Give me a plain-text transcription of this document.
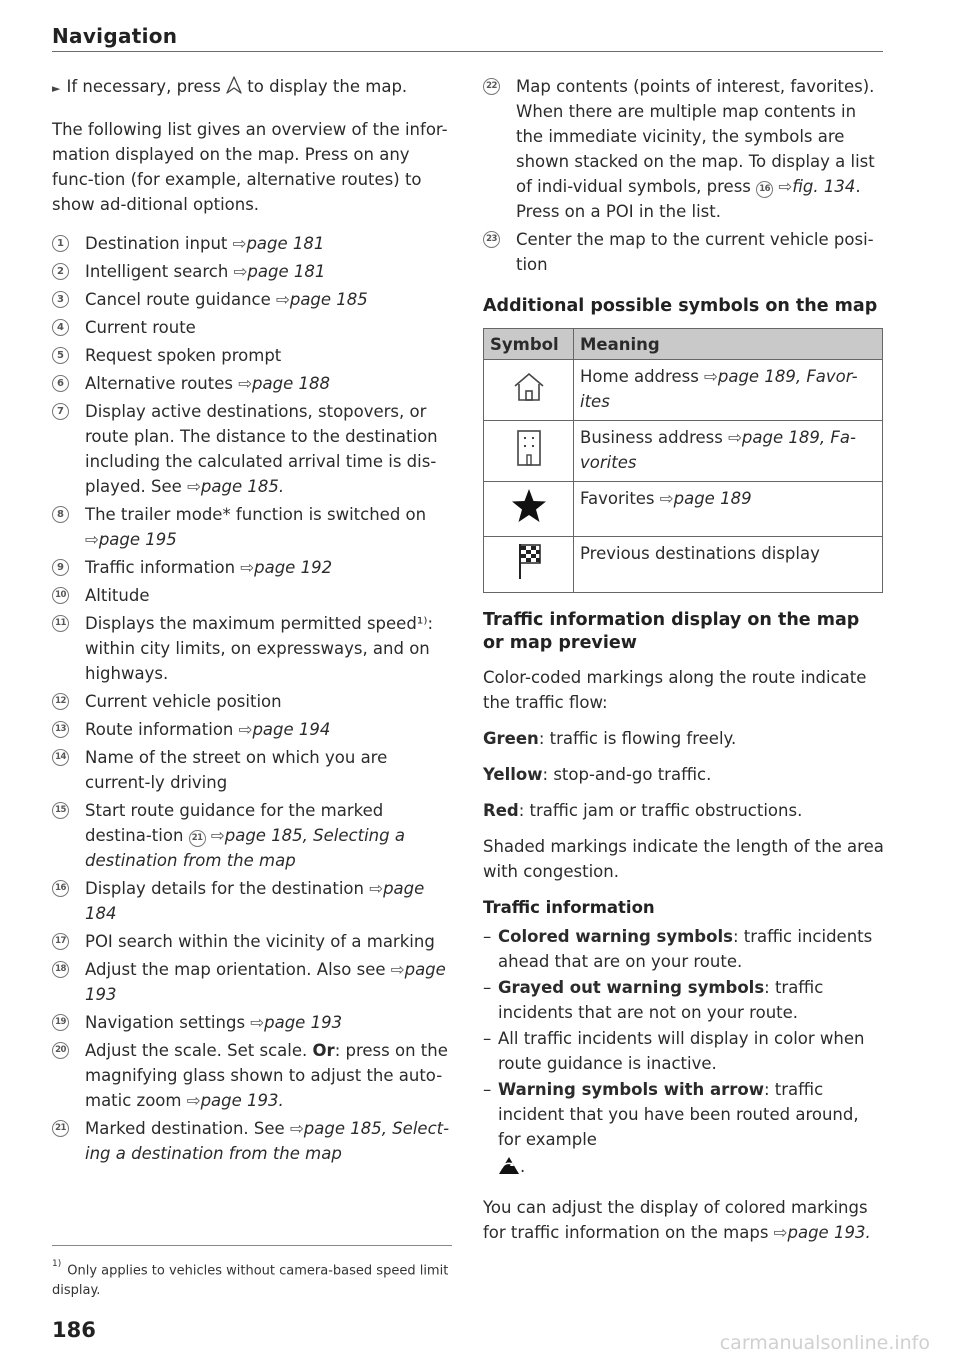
Navigation

► If necessary, press  to display the map.

The following list gives an overview of the infor-mation displayed on the map. Press on any func-tion (for example, alternative routes) to show ad-ditional options.

1	Destination input ⇨page 181
2	Intelligent search ⇨page 181
3	Cancel route guidance ⇨page 185
4	Current route
5	Request spoken prompt
6	Alternative routes ⇨page 188
7	Display active destinations, stopovers, or route plan. The distance to the destination including the calculated arrival time is dis-played. See ⇨page 185.
8	The trailer mode* function is switched on ⇨page 195
9	Traffic information ⇨page 192
10 Altitude
11 Displays the maximum permitted speed¹⁾: within city limits, on expressways, and on highways.
12 Current vehicle position
13 Route information ⇨page 194
14 Name of the street on which you are current-ly driving
15 Start route guidance for the marked destina-tion 21 ⇨page 185, Selecting a destination from the map
16 Display details for the destination ⇨page 184
17 POI search within the vicinity of a marking
18 Adjust the map orientation. Also see ⇨page 193
19 Navigation settings ⇨page 193
20 Adjust the scale. Set scale. Or: press on the magnifying glass shown to adjust the auto-matic zoom ⇨page 193.
21 Marked destination. See ⇨page 185, Select-ing a destination from the map
22 Map contents (points of interest, favorites). When there are multiple map contents in the immediate vicinity, the symbols are shown stacked on the map. To display a list of indi-vidual symbols, press 16 ⇨fig. 134. Press on a POI in the list.
23 Center the map to the current vehicle posi-tion
Additional possible symbols on the map
Symbol	Meaning
	Home address ⇨page 189, Favor-ites
	Business address ⇨page 189, Fa-vorites
	Favorites ⇨page 189
	Previous destinations display
Traffic information display on the map or map preview

Color-coded markings along the route indicate the traffic flow:

Green: traffic is flowing freely.

Yellow: stop-and-go traffic.

Red: traffic jam or traffic obstructions.

Shaded markings indicate the length of the area with congestion.

Traffic information
– Colored warning symbols: traffic incidents ahead that are on your route.
– Grayed out warning symbols: traffic incidents that are not on your route.
– All traffic incidents will display in color when route guidance is inactive.
– Warning symbols with arrow: traffic incident that you have been routed around, for example
.

You can adjust the display of colored markings for traffic information on the maps ⇨page 193.

$^{1)}$ Only applies to vehicles without camera-based speed limit display.
186
carmanualsonline.info
